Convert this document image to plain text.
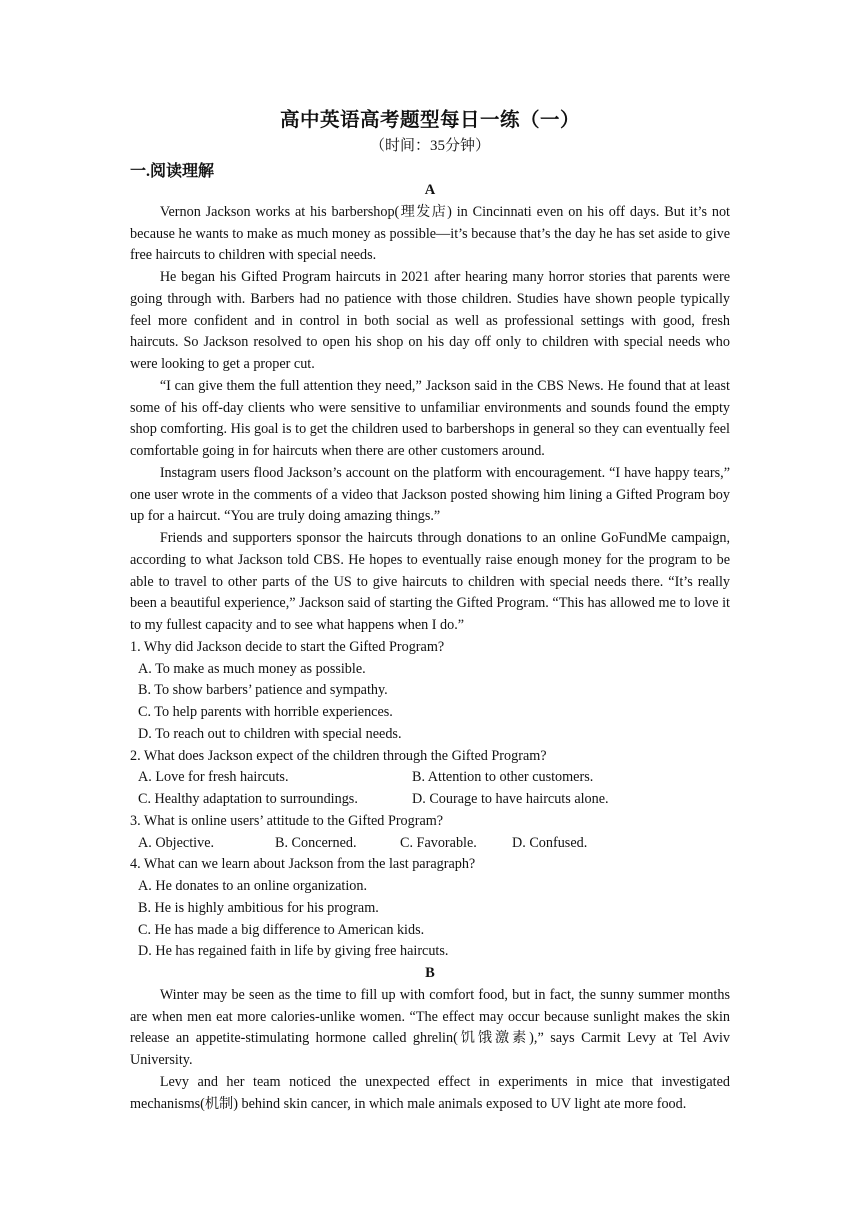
高中英语高考题型每日一练（一）
（时间：35分钟）
一.阅读理解
A

Vernon Jackson works at his barbershop(理发店) in Cincinnati even on his off days. But it’s not because he wants to make as much money as possible—it’s because that’s the day he has set aside to give free haircuts to children with special needs.

He began his Gifted Program haircuts in 2021 after hearing many horror stories that parents were going through with. Barbers had no patience with those children. Studies have shown people typically feel more confident and in control in both social as well as professional settings with good, fresh haircuts. So Jackson resolved to open his shop on his day off only to children with special needs who were looking to get a proper cut.

“I can give them the full attention they need,” Jackson said in the CBS News. He found that at least some of his off-day clients who were sensitive to unfamiliar environments and sounds found the empty shop comforting. His goal is to get the children used to barbershops in general so they can eventually feel comfortable going in for haircuts when there are other customers around.

Instagram users flood Jackson’s account on the platform with encouragement. “I have happy tears,” one user wrote in the comments of a video that Jackson posted showing him lining a Gifted Program boy up for a haircut. “You are truly doing amazing things.”

Friends and supporters sponsor the haircuts through donations to an online GoFundMe campaign, according to what Jackson told CBS. He hopes to eventually raise enough money for the program to be able to travel to other parts of the US to give haircuts to children with special needs there. “It’s really been a beautiful experience,” Jackson said of starting the Gifted Program. “This has allowed me to love it to my fullest capacity and to see what happens when I do.”

1. Why did Jackson decide to start the Gifted Program?
A. To make as much money as possible.
B. To show barbers’ patience and sympathy.
C. To help parents with horrible experiences.
D. To reach out to children with special needs.
2. What does Jackson expect of the children through the Gifted Program?
A. Love for fresh haircuts.	B. Attention to other customers.
C. Healthy adaptation to surroundings.	D. Courage to have haircuts alone.
3. What is online users’ attitude to the Gifted Program?
A. Objective.	B. Concerned.	C. Favorable.	D. Confused.
4. What can we learn about Jackson from the last paragraph?
A. He donates to an online organization.
B. He is highly ambitious for his program.
C. He has made a big difference to American kids.
D. He has regained faith in life by giving free haircuts.
B

Winter may be seen as the time to fill up with comfort food, but in fact, the sunny summer months are when men eat more calories-unlike women. “The effect may occur because sunlight makes the skin release an appetite-stimulating hormone called ghrelin(饥饿激素),” says Carmit Levy at Tel Aviv University.

Levy and her team noticed the unexpected effect in experiments in mice that investigated mechanisms(机制) behind skin cancer, in which male animals exposed to UV light ate more food.
